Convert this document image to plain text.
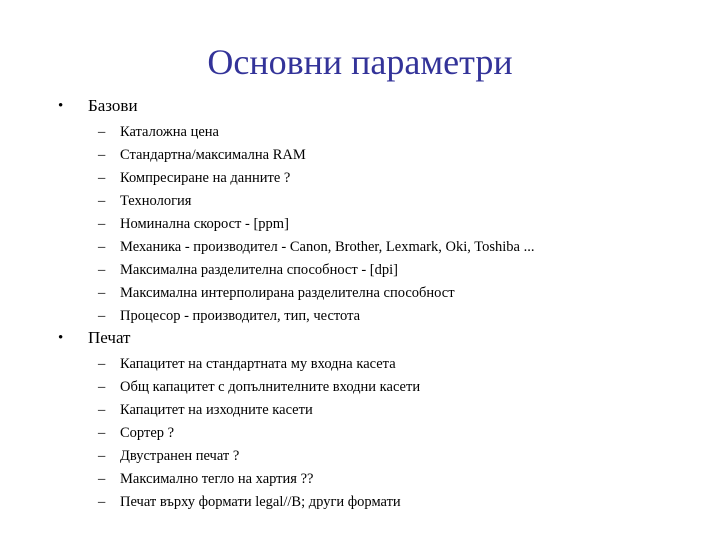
Основни параметри
• Базови
– Каталожна цена
– Стандартна/максимална RAM
– Компресиране на данните ?
– Технология
– Номинална скорост - [ppm]
– Механика - производител - Canon, Brother, Lexmark, Oki, Toshiba ...
– Максимална разделителна способност - [dpi]
– Максимална интерполирана разделителна способност
– Процесор - производител, тип, честота
• Печат
– Капацитет на стандартната му входна касета
– Общ капацитет с допълнителните входни касети
– Капацитет на изходните касети
– Сортер ?
– Двустранен печат ?
– Максимално тегло на хартия ??
– Печат върху формати legal//B; други формати
